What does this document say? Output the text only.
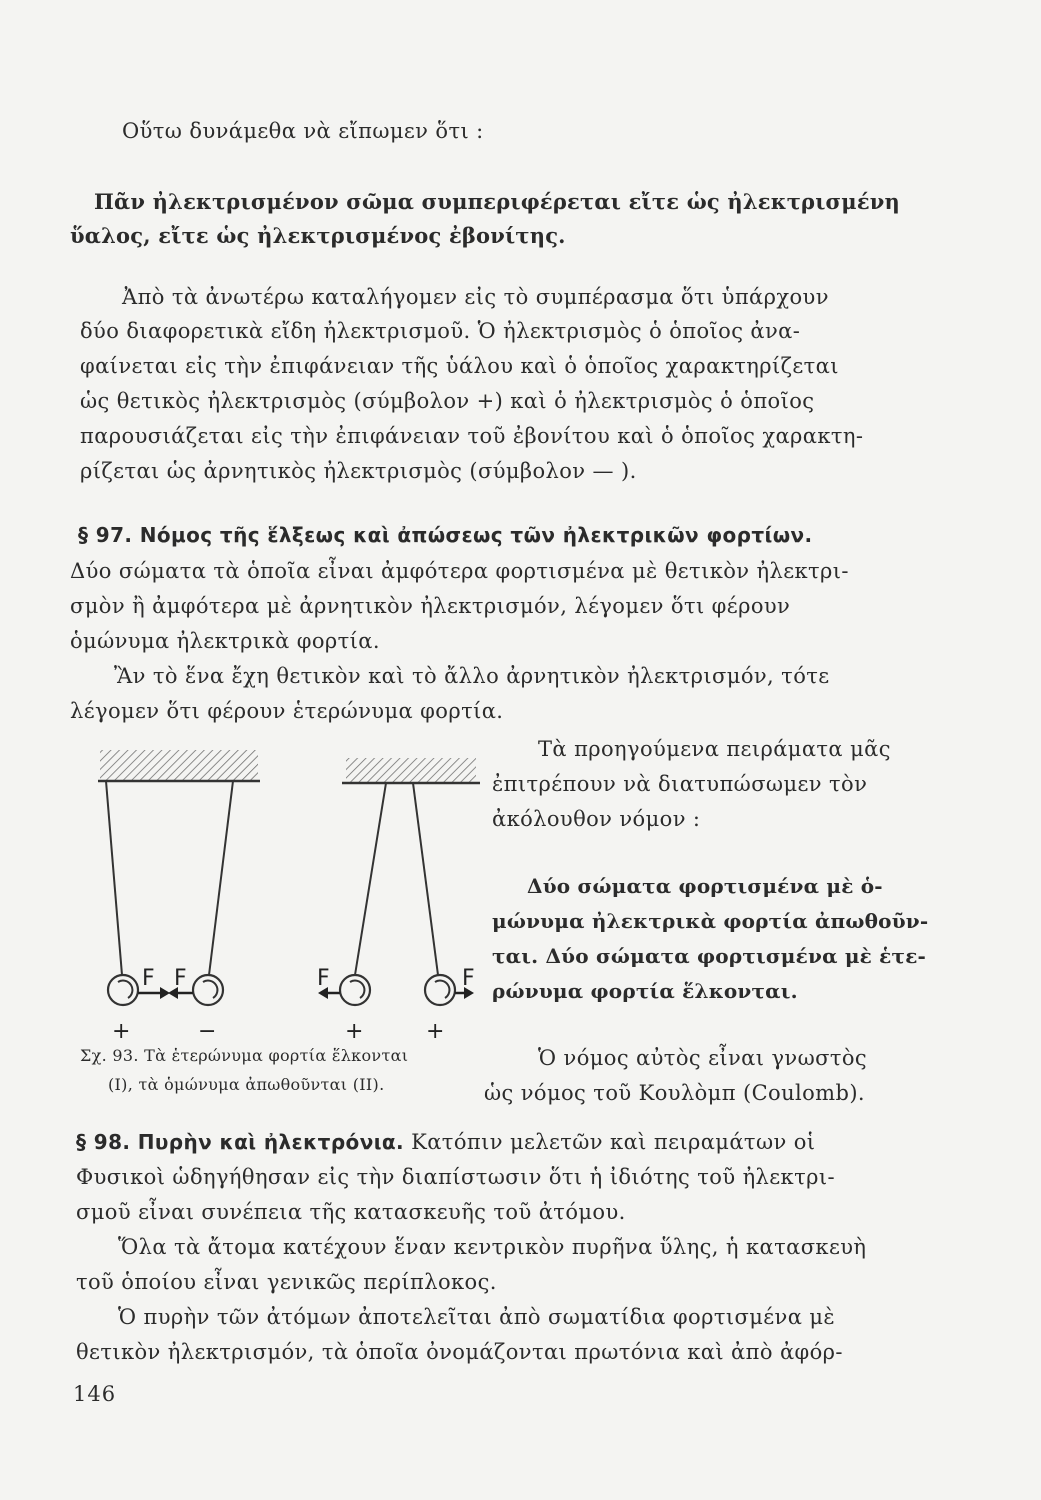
Οὕτω δυνάμεθα νὰ εἴπωμεν ὅτι :
Πᾶν ἠλεκτρισμένον σῶμα συμπεριφέρεται εἴτε ὡς ἠλεκτρισμένη
ὕαλος, εἴτε ὡς ἠλεκτρισμένος ἐβονίτης.
Ἀπὸ τὰ ἀνωτέρω καταλήγομεν εἰς τὸ συμπέρασμα ὅτι ὑπάρχουν
δύο διαφορετικὰ εἴδη ἠλεκτρισμοῦ. Ὁ ἠλεκτρισμὸς ὁ ὁποῖος ἀνα-
φαίνεται εἰς τὴν ἐπιφάνειαν τῆς ὑάλου καὶ ὁ ὁποῖος χαρακτηρίζεται
ὡς θετικὸς ἠλεκτρισμὸς (σύμβολον +) καὶ ὁ ἠλεκτρισμὸς ὁ ὁποῖος
παρουσιάζεται εἰς τὴν ἐπιφάνειαν τοῦ ἐβονίτου καὶ ὁ ὁποῖος χαρακτη-
ρίζεται ὡς ἀρνητικὸς ἠλεκτρισμὸς (σύμβολον — ).
§ 97. Νόμος τῆς ἕλξεως καὶ ἀπώσεως τῶν ἠλεκτρικῶν φορτίων.
Δύο σώματα τὰ ὁποῖα εἶναι ἀμφότερα φορτισμένα μὲ θετικὸν ἠλεκτρι-
σμὸν ἢ ἀμφότερα μὲ ἀρνητικὸν ἠλεκτρισμόν, λέγομεν ὅτι φέρουν
ὁμώνυμα ἠλεκτρικὰ φορτία.
Ἂν τὸ ἕνα ἔχη θετικὸν καὶ τὸ ἄλλο ἀρνητικὸν ἠλεκτρισμόν, τότε
λέγομεν ὅτι φέρουν ἑτερώνυμα φορτία.
Τὰ προηγούμενα πειράματα μᾶς
ἐπιτρέπουν νὰ διατυπώσωμεν τὸν
ἀκόλουθον νόμον :
Δύο σώματα φορτισμένα μὲ ὁ-
μώνυμα ἠλεκτρικὰ φορτία ἀπωθοῦν-
ται. Δύο σώματα φορτισμένα μὲ ἑτε-
ρώνυμα φορτία ἕλκονται.
Ὁ νόμος αὐτὸς εἶναι γνωστὸς
ὡς νόμος τοῦ Κουλὸμπ (Coulomb).
F F	F	F
+	−	+	+
Σχ. 93. Τὰ ἑτερώνυμα φορτία ἕλκονται
(Ι), τὰ ὁμώνυμα ἀπωθοῦνται (ΙΙ).
§ 98. Πυρὴν καὶ ἠλεκτρόνια. Κατόπιν μελετῶν καὶ πειραμάτων οἱ
Φυσικοὶ ὡδηγήθησαν εἰς τὴν διαπίστωσιν ὅτι ἡ ἰδιότης τοῦ ἠλεκτρι-
σμοῦ εἶναι συνέπεια τῆς κατασκευῆς τοῦ ἀτόμου.
Ὅλα τὰ ἄτομα κατέχουν ἕναν κεντρικὸν πυρῆνα ὕλης, ἡ κατασκευὴ
τοῦ ὁποίου εἶναι γενικῶς περίπλοκος.
Ὁ πυρὴν τῶν ἀτόμων ἀποτελεῖται ἀπὸ σωματίδια φορτισμένα μὲ
θετικὸν ἠλεκτρισμόν, τὰ ὁποῖα ὀνομάζονται πρωτόνια καὶ ἀπὸ ἀφόρ-
146
